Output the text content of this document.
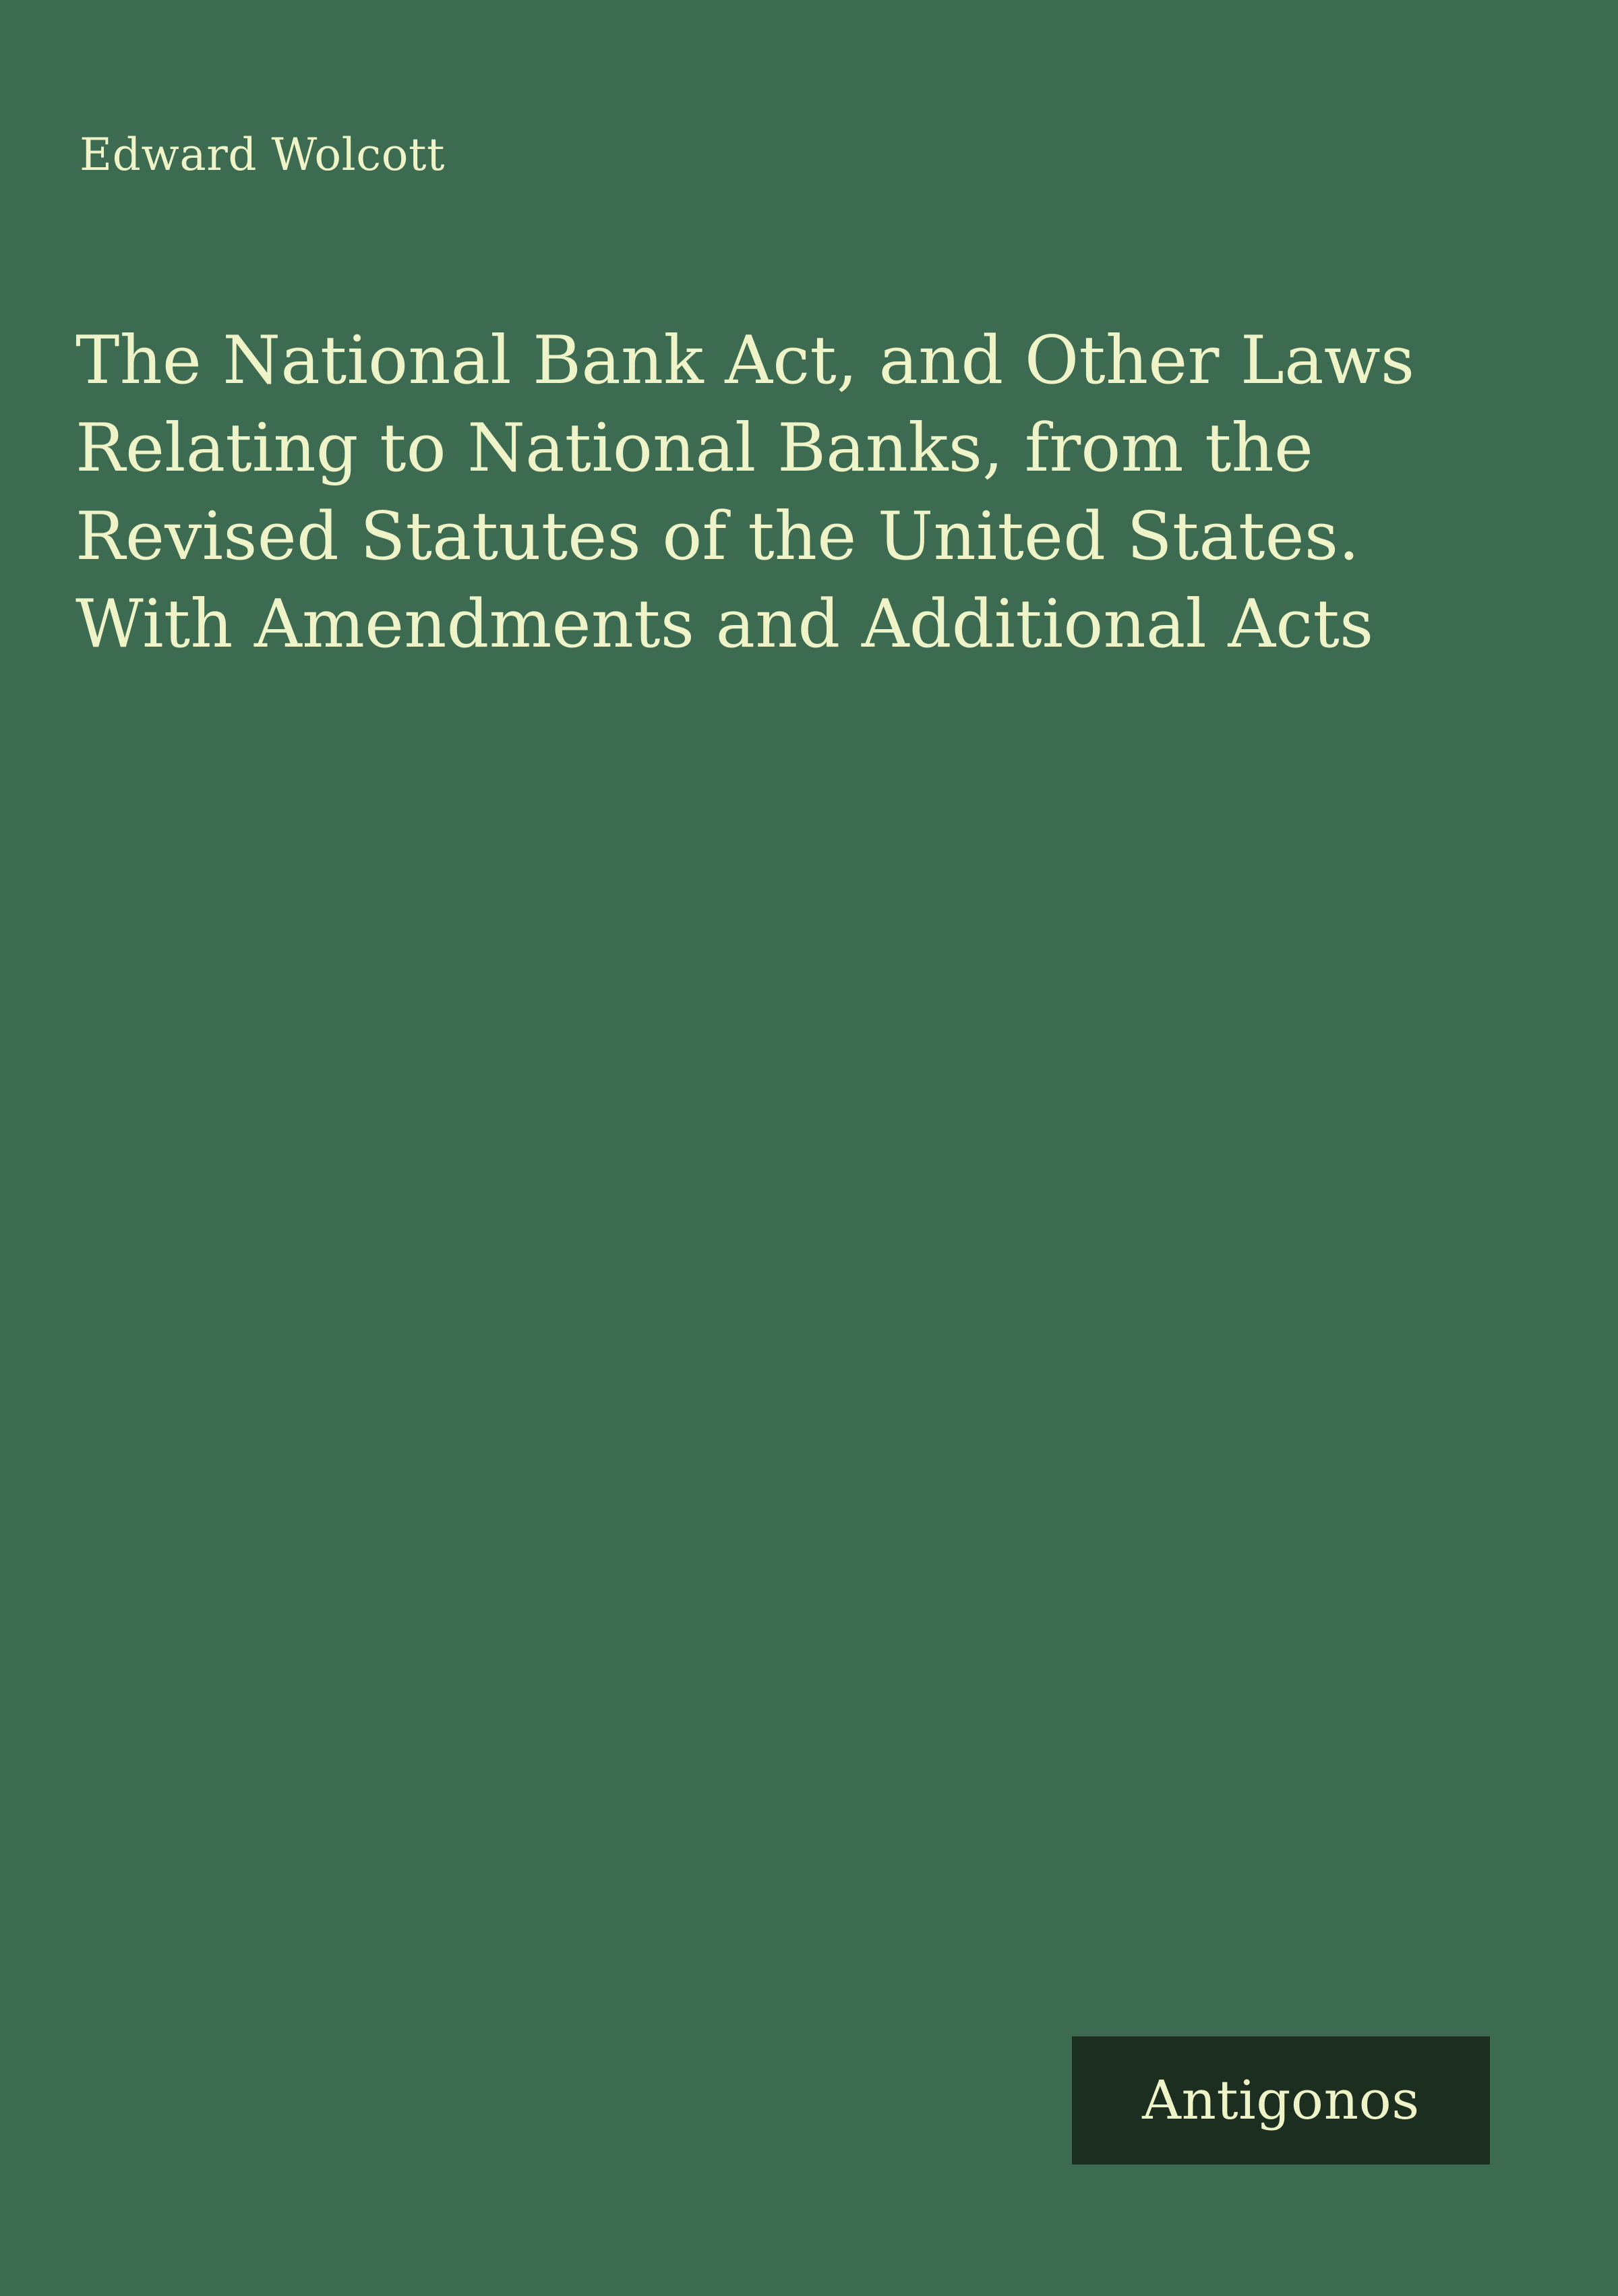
Edward Wolcott
The National Bank Act, and Other Laws Relating to National Banks, from the Revised Statutes of the United States. With Amendments and Additional Acts
Antigonos
